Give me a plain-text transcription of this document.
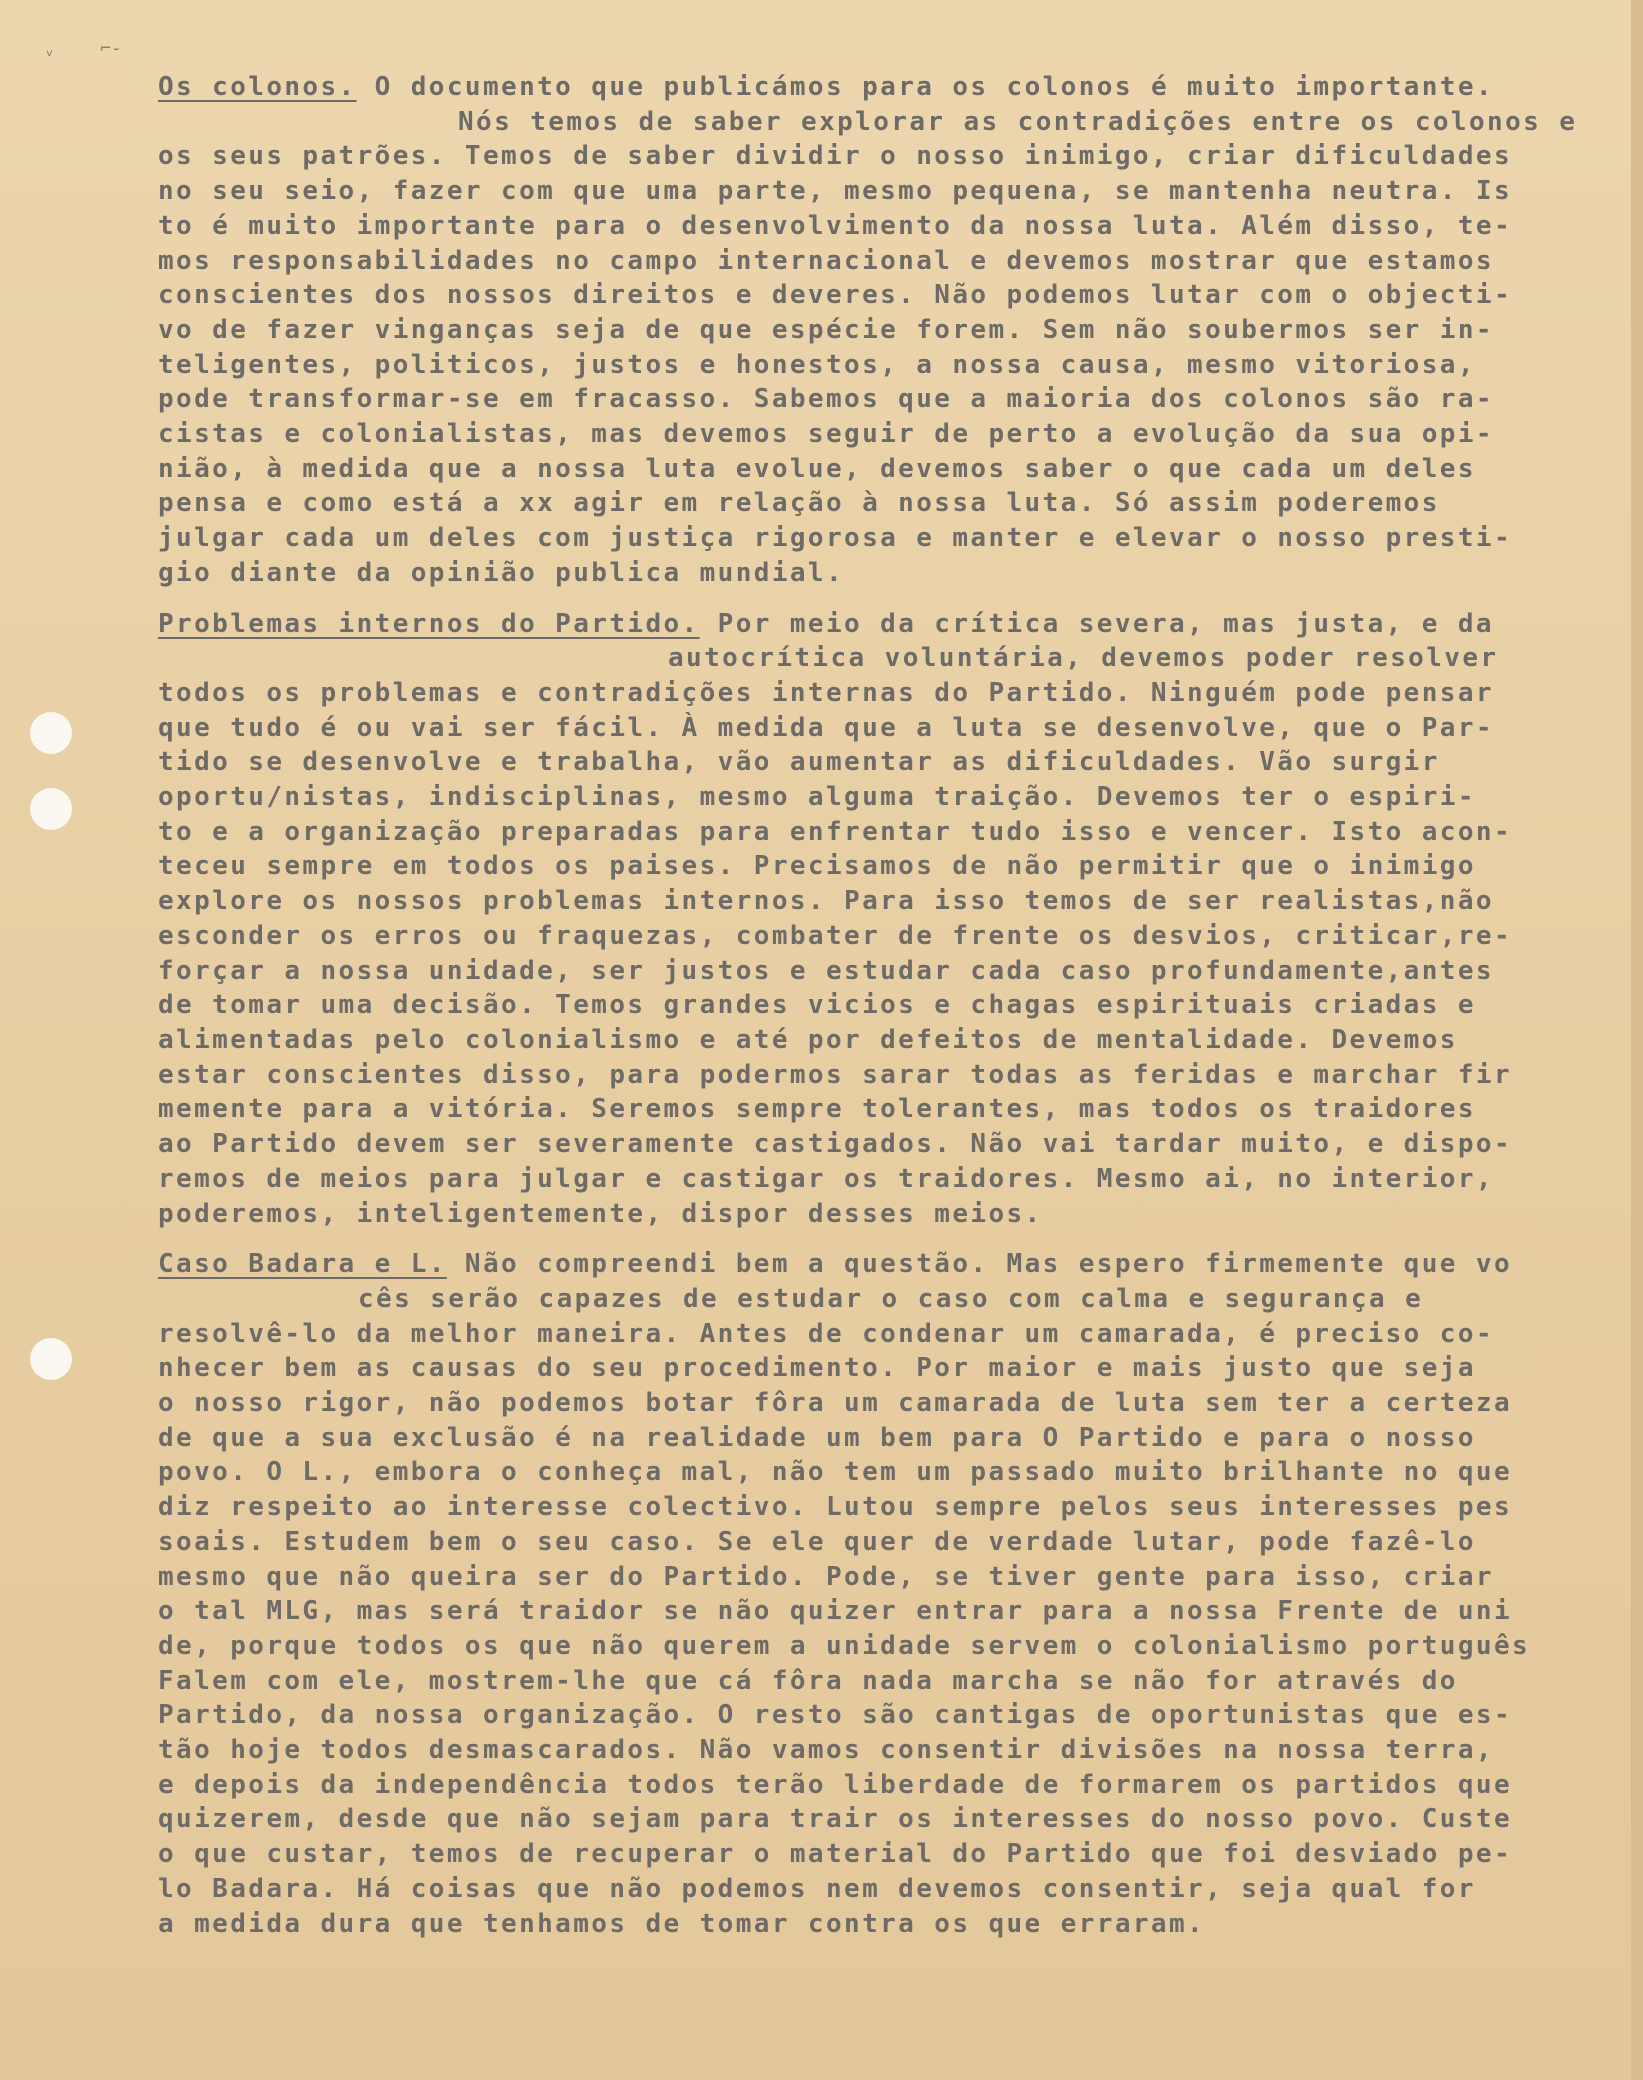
ᵛ	⌐-
Os colonos. O documento que publicámos para os colonos é muito importante.
Nós temos de saber explorar as contradições entre os colonos e
os seus patrões. Temos de saber dividir o nosso inimigo, criar dificuldades
no seu seio, fazer com que uma parte, mesmo pequena, se mantenha neutra. Is
to é muito importante para o desenvolvimento da nossa luta. Além disso, te-
mos responsabilidades no campo internacional e devemos mostrar que estamos
conscientes dos nossos direitos e deveres. Não podemos lutar com o objecti-
vo de fazer vinganças seja de que espécie forem. Sem não soubermos ser in-
teligentes, politicos, justos e honestos, a nossa causa, mesmo vitoriosa,
pode transformar-se em fracasso. Sabemos que a maioria dos colonos são ra-
cistas e colonialistas, mas devemos seguir de perto a evolução da sua opi-
nião, à medida que a nossa luta evolue, devemos saber o que cada um deles
pensa e como está a xx agir em relação à nossa luta. Só assim poderemos
julgar cada um deles com justiça rigorosa e manter e elevar o nosso presti-
gio diante da opinião publica mundial.
Problemas internos do Partido. Por meio da crítica severa, mas justa, e da
autocrítica voluntária, devemos poder resolver
todos os problemas e contradições internas do Partido. Ninguém pode pensar
que tudo é ou vai ser fácil. À medida que a luta se desenvolve, que o Par-
tido se desenvolve e trabalha, vão aumentar as dificuldades. Vão surgir
oportu/nistas, indisciplinas, mesmo alguma traição. Devemos ter o espiri-
to e a organização preparadas para enfrentar tudo isso e vencer. Isto acon-
teceu sempre em todos os paises. Precisamos de não permitir que o inimigo
explore os nossos problemas internos. Para isso temos de ser realistas,não
esconder os erros ou fraquezas, combater de frente os desvios, criticar,re-
forçar a nossa unidade, ser justos e estudar cada caso profundamente,antes
de tomar uma decisão. Temos grandes vicios e chagas espirituais criadas e
alimentadas pelo colonialismo e até por defeitos de mentalidade. Devemos
estar conscientes disso, para podermos sarar todas as feridas e marchar fir
memente para a vitória. Seremos sempre tolerantes, mas todos os traidores
ao Partido devem ser severamente castigados. Não vai tardar muito, e dispo-
remos de meios para julgar e castigar os traidores. Mesmo ai, no interior,
poderemos, inteligentemente, dispor desses meios.
Caso Badara e L. Não compreendi bem a questão. Mas espero firmemente que vo
cês serão capazes de estudar o caso com calma e segurança e
resolvê-lo da melhor maneira. Antes de condenar um camarada, é preciso co-
nhecer bem as causas do seu procedimento. Por maior e mais justo que seja
o nosso rigor, não podemos botar fôra um camarada de luta sem ter a certeza
de que a sua exclusão é na realidade um bem para O Partido e para o nosso
povo. O L., embora o conheça mal, não tem um passado muito brilhante no que
diz respeito ao interesse colectivo. Lutou sempre pelos seus interesses pes
soais. Estudem bem o seu caso. Se ele quer de verdade lutar, pode fazê-lo
mesmo que não queira ser do Partido. Pode, se tiver gente para isso, criar
o tal MLG, mas será traidor se não quizer entrar para a nossa Frente de uni
de, porque todos os que não querem a unidade servem o colonialismo português
Falem com ele, mostrem-lhe que cá fôra nada marcha se não for através do
Partido, da nossa organização. O resto são cantigas de oportunistas que es-
tão hoje todos desmascarados. Não vamos consentir divisões na nossa terra,
e depois da independência todos terão liberdade de formarem os partidos que
quizerem, desde que não sejam para trair os interesses do nosso povo. Custe
o que custar, temos de recuperar o material do Partido que foi desviado pe-
lo Badara. Há coisas que não podemos nem devemos consentir, seja qual for
a medida dura que tenhamos de tomar contra os que erraram.
